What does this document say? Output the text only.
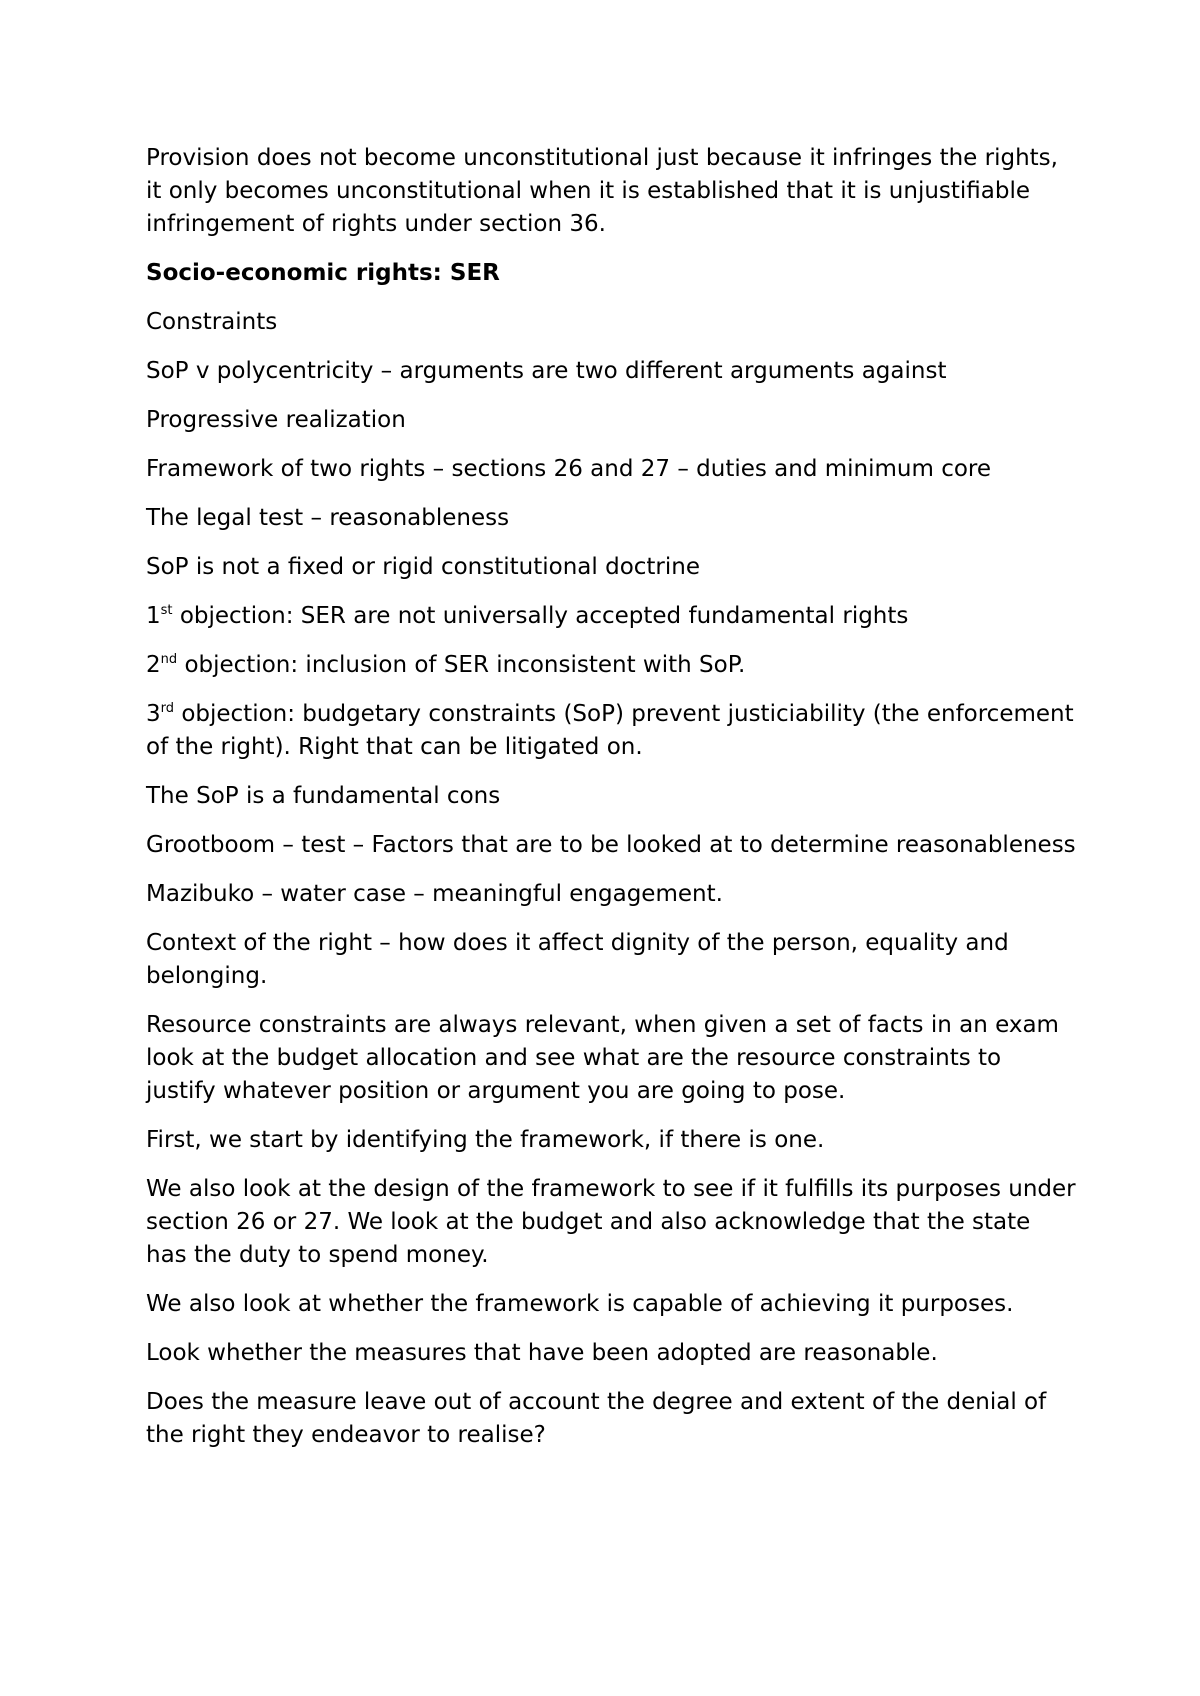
Provision does not become unconstitutional just because it infringes the rights, it only becomes unconstitutional when it is established that it is unjustifiable infringement of rights under section 36.

Socio-economic rights: SER

Constraints

SoP v polycentricity – arguments are two different arguments against

Progressive realization

Framework of two rights – sections 26 and 27 – duties and minimum core

The legal test – reasonableness

SoP is not a fixed or rigid constitutional doctrine

1st objection: SER are not universally accepted fundamental rights

2nd objection: inclusion of SER inconsistent with SoP.

3rd objection: budgetary constraints (SoP) prevent justiciability (the enforcement of the right). Right that can be litigated on.

The SoP is a fundamental cons

Grootboom – test – Factors that are to be looked at to determine reasonableness

Mazibuko – water case – meaningful engagement.

Context of the right – how does it affect dignity of the person, equality and belonging.

Resource constraints are always relevant, when given a set of facts in an exam look at the budget allocation and see what are the resource constraints to justify whatever position or argument you are going to pose.

First, we start by identifying the framework, if there is one.

We also look at the design of the framework to see if it fulfills its purposes under section 26 or 27. We look at the budget and also acknowledge that the state has the duty to spend money.

We also look at whether the framework is capable of achieving it purposes.

Look whether the measures that have been adopted are reasonable.

Does the measure leave out of account the degree and extent of the denial of the right they endeavor to realise?
